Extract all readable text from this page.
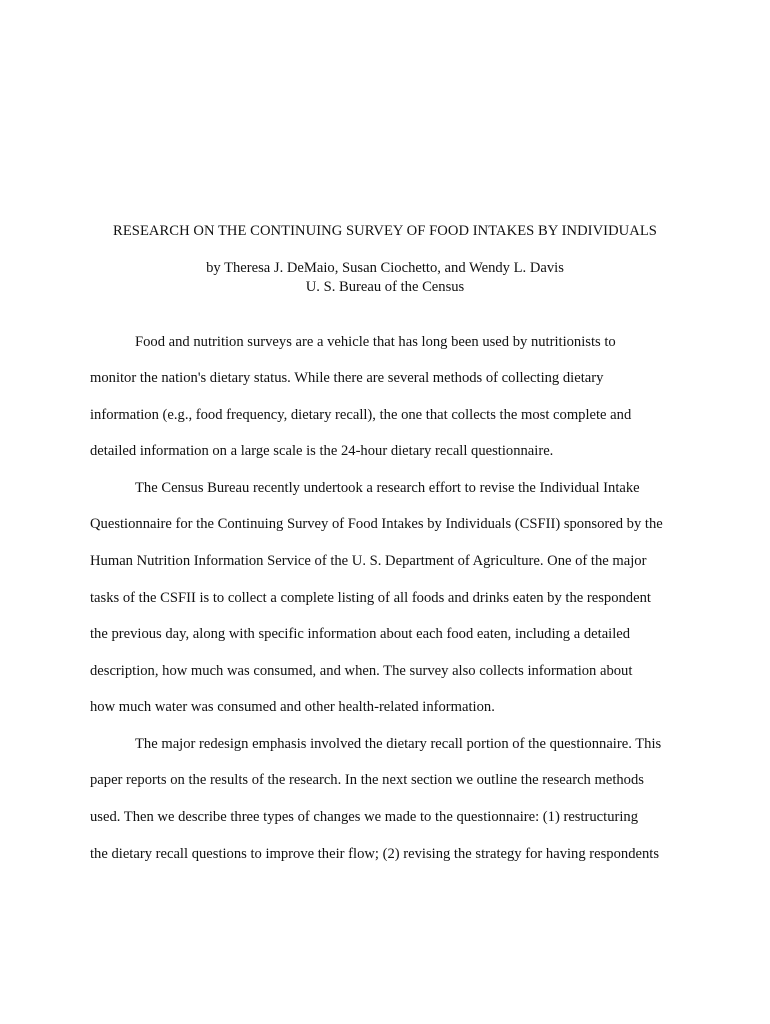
RESEARCH ON THE CONTINUING SURVEY OF FOOD INTAKES BY INDIVIDUALS
by Theresa J. DeMaio, Susan Ciochetto, and Wendy L. Davis
U. S. Bureau of the Census
Food and nutrition surveys are a vehicle that has long been used by nutritionists to
monitor the nation's dietary status. While there are several methods of collecting dietary
information (e.g., food frequency, dietary recall), the one that collects the most complete and
detailed information on a large scale is the 24-hour dietary recall questionnaire.
The Census Bureau recently undertook a research effort to revise the Individual Intake
Questionnaire for the Continuing Survey of Food Intakes by Individuals (CSFII) sponsored by the
Human Nutrition Information Service of the U. S. Department of Agriculture. One of the major
tasks of the CSFII is to collect a complete listing of all foods and drinks eaten by the respondent
the previous day, along with specific information about each food eaten, including a detailed
description, how much was consumed, and when. The survey also collects information about
how much water was consumed and other health-related information.
The major redesign emphasis involved the dietary recall portion of the questionnaire. This
paper reports on the results of the research. In the next section we outline the research methods
used. Then we describe three types of changes we made to the questionnaire: (1) restructuring
the dietary recall questions to improve their flow; (2) revising the strategy for having respondents
